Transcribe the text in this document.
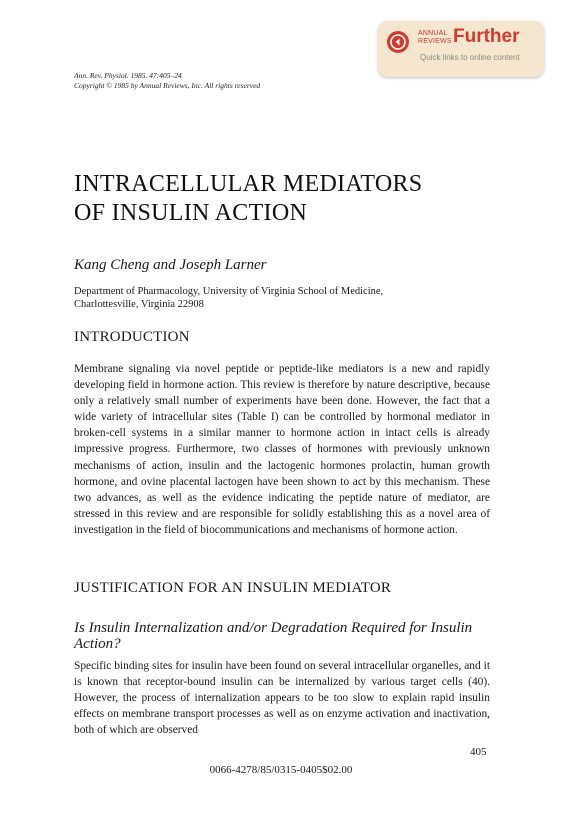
ANNUAL
REVIEWS Further
Quick links to online content
Ann. Rev. Physiol. 1985. 47:405–24
Copyright © 1985 by Annual Reviews, Inc. All rights reserved
INTRACELLULAR MEDIATORS
OF INSULIN ACTION

Kang Cheng and Joseph Larner

Department of Pharmacology, University of Virginia School of Medicine,
Charlottesville, Virginia 22908

INTRODUCTION

Membrane signaling via novel peptide or peptide-like mediators is a new and rapidly developing field in hormone action. This review is therefore by nature descriptive, because only a relatively small number of experiments have been done. However, the fact that a wide variety of intracellular sites (Table I) can be controlled by hormonal mediator in broken-cell systems in a similar manner to hormone action in intact cells is already impressive progress. Furthermore, two classes of hormones with previously unknown mechanisms of action, insulin and the lactogenic hormones prolactin, human growth hormone, and ovine placental lactogen have been shown to act by this mechanism. These two advances, as well as the evidence indicating the peptide nature of mediator, are stressed in this review and are responsible for solidly establishing this as a novel area of investigation in the field of biocommunications and mechanisms of hormone action.

JUSTIFICATION FOR AN INSULIN MEDIATOR
Is Insulin Internalization and/or Degradation Required for Insulin Action?

Specific binding sites for insulin have been found on several intracellular organelles, and it is known that receptor-bound insulin can be internalized by various target cells (40). However, the process of internalization appears to be too slow to explain rapid insulin effects on membrane transport processes as well as on enzyme activation and inactivation, both of which are observed

405
0066-4278/85/0315-0405$02.00
